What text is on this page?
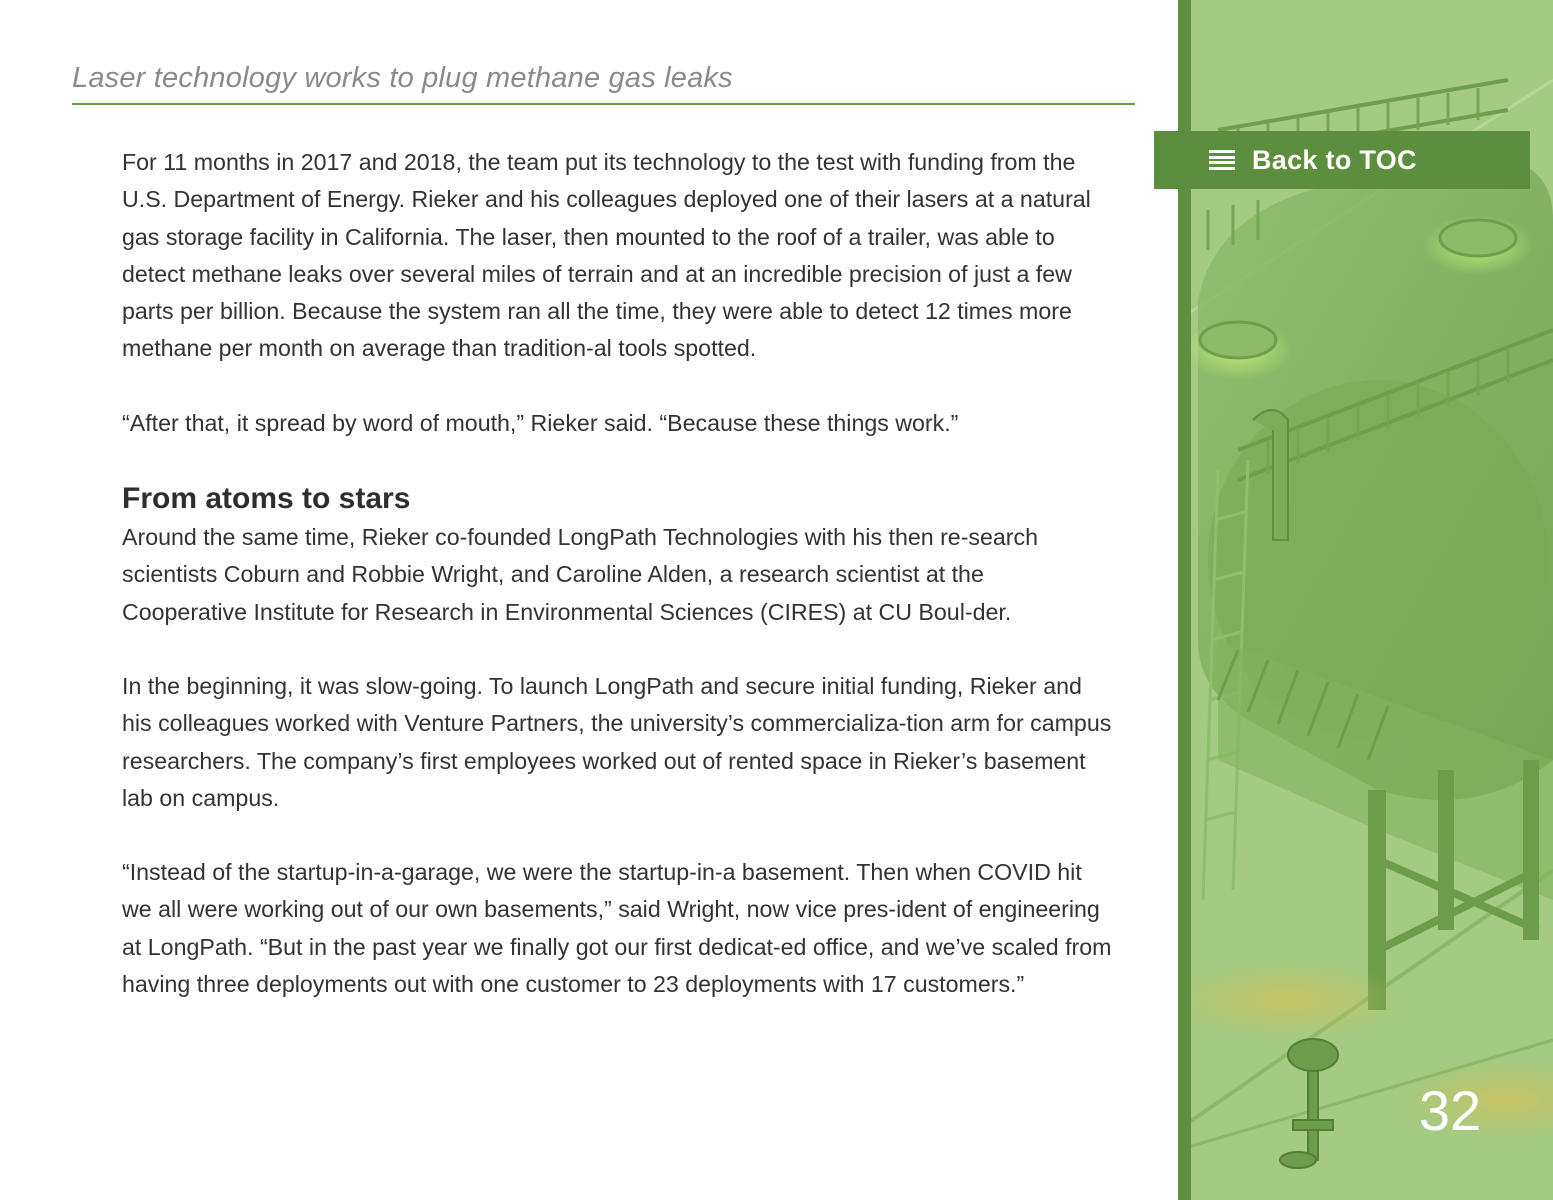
Laser technology works to plug methane gas leaks

For 11 months in 2017 and 2018, the team put its technology to the test with funding from the U.S. Department of Energy. Rieker and his colleagues deployed one of their lasers at a natural gas storage facility in California. The laser, then mounted to the roof of a trailer, was able to detect methane leaks over several miles of terrain and at an incredible precision of just a few parts per billion. Because the system ran all the time, they were able to detect 12 times more methane per month on average than tradition-al tools spotted.

“After that, it spread by word of mouth,” Rieker said. “Because these things work.”

From atoms to stars

Around the same time, Rieker co-founded LongPath Technologies with his then re-search scientists Coburn and Robbie Wright, and Caroline Alden, a research scientist at the Cooperative Institute for Research in Environmental Sciences (CIRES) at CU Boul-der.

In the beginning, it was slow-going. To launch LongPath and secure initial funding, Rieker and his colleagues worked with Venture Partners, the university’s commercializa-tion arm for campus researchers. The company’s first employees worked out of rented space in Rieker’s basement lab on campus.

“Instead of the startup-in-a-garage, we were the startup-in-a basement. Then when COVID hit we all were working out of our own basements,” said Wright, now vice pres-ident of engineering at LongPath. “But in the past year we finally got our first dedicat-ed office, and we’ve scaled from having three deployments out with one customer to 23 deployments with 17 customers.”

Back to TOC
32
